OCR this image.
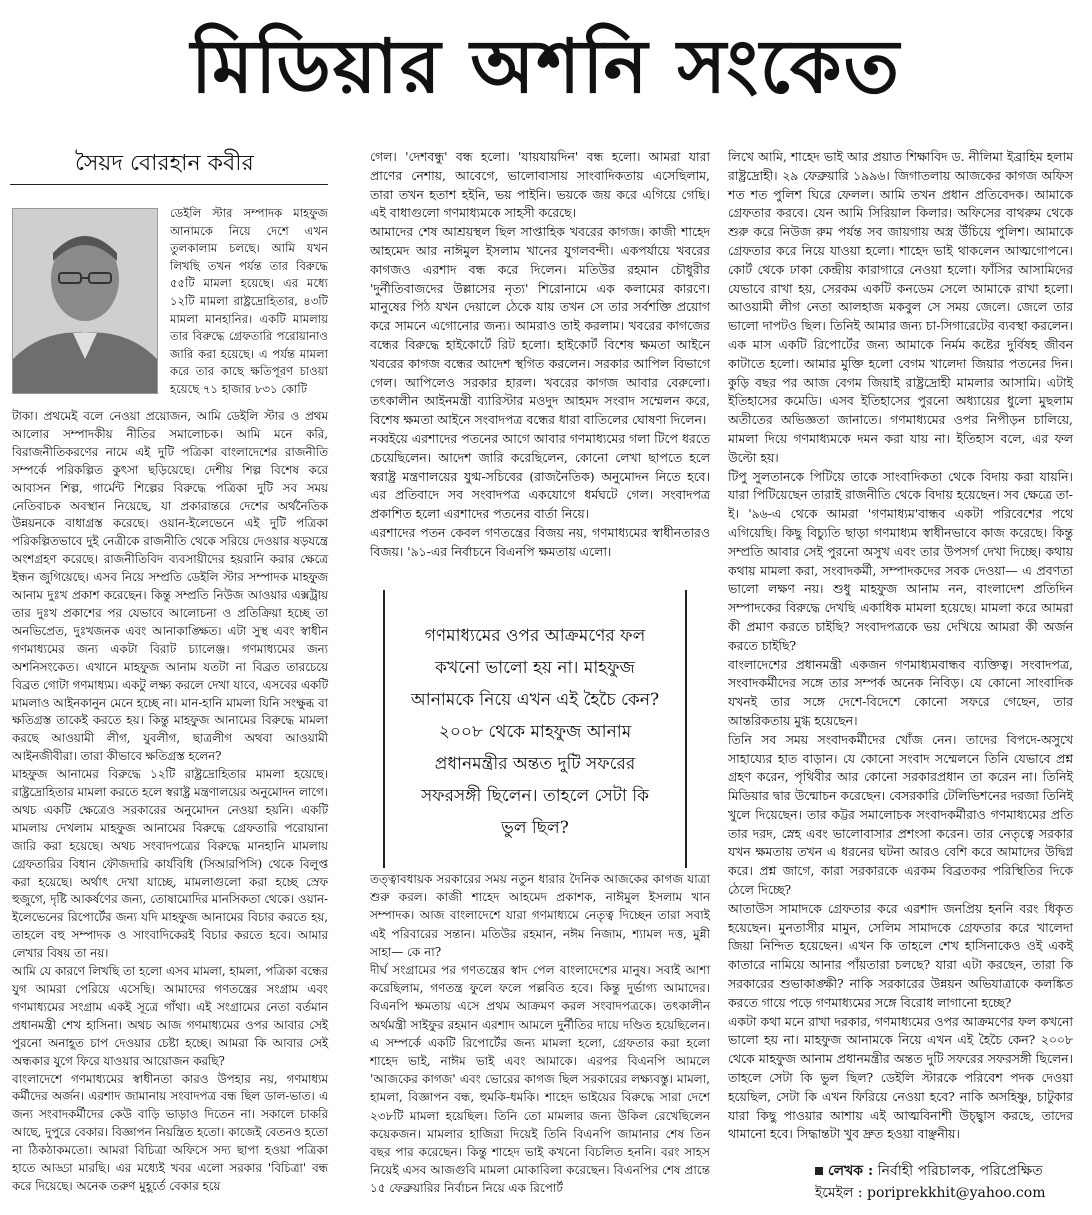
মিডিয়ার অশনি সংকেত
সৈয়দ বোরহান কবীর

ডেইলি স্টার সম্পাদক মাহফুজ আনামকে নিয়ে দেশে এখন তুলকালাম চলছে। আমি যখন লিখছি তখন পর্যন্ত তার বিরুদ্ধে ৫৫টি মামলা হয়েছে। এর মধ্যে ১২টি মামলা রাষ্ট্রদ্রোহিতার, ৪৩টি মামলা মানহানির। একটি মামলায় তার বিরুদ্ধে গ্রেফতারি পরোয়ানাও জারি করা হয়েছে। এ পর্যন্ত মামলা করে তার কাছে ক্ষতিপূরণ চাওয়া হয়েছে ৭১ হাজার ৮৩১ কোটি

টাকা। প্রথমেই বলে নেওয়া প্রয়োজন, আমি ডেইলি স্টার ও প্রথম আলোর সম্পাদকীয় নীতির সমালোচক। আমি মনে করি, বিরাজনীতিকরণের নামে এই দুটি পত্রিকা বাংলাদেশের রাজনীতি সম্পর্কে পরিকল্পিত কুৎসা ছড়িয়েছে। দেশীয় শিল্প বিশেষ করে আবাসন শিল্প, গার্মেন্ট শিল্পের বিরুদ্ধে পত্রিকা দুটি সব সময় নেতিবাচক অবস্থান নিয়েছে, যা প্রকারান্তরে দেশের অর্থনৈতিক উন্নয়নকে বাধাগ্রস্ত করেছে। ওয়ান-ইলেভেনে এই দুটি পত্রিকা পরিকল্পিতভাবে দুই নেত্রীকে রাজনীতি থেকে সরিয়ে দেওয়ার ষড়যন্ত্রে অংশগ্রহণ করেছে। রাজনীতিবিদ ব্যবসায়ীদের হয়রানি করার ক্ষেত্রে ইন্ধন জুগিয়েছে। এসব নিয়ে সম্প্রতি ডেইলি স্টার সম্পাদক মাহফুজ আনাম দুঃখ প্রকাশ করেছেন। কিন্তু সম্প্রতি নিউজ আওয়ার এক্সট্রায় তার দুঃখ প্রকাশের পর যেভাবে আলোচনা ও প্রতিক্রিয়া হচ্ছে তা অনভিপ্রেত, দুঃখজনক এবং আনাকাঙ্ক্ষিত। এটা সুস্থ এবং স্বাধীন গণমাধ্যমের জন্য একটা বিরাট চ্যালেঞ্জ। গণমাধ্যমের জন্য অশনিসংকেত। এখানে মাহফুজ আনাম যতটা না বিব্রত তারচেয়ে বিব্রত গোটা গণমাধ্যম। একটু লক্ষ্য করলে দেখা যাবে, এসবের একটি মামলাও আইনকানুন মেনে হচ্ছে না। মান-হানি মামলা যিনি সংক্ষুব্ধ বা ক্ষতিগ্রস্ত তাকেই করতে হয়। কিন্তু মাহফুজ আনামের বিরুদ্ধে মামলা করছে আওয়ামী লীগ, যুবলীগ, ছাত্রলীগ অথবা আওয়ামী আইনজীবীরা। তারা কীভাবে ক্ষতিগ্রস্ত হলেন?

মাহফুজ আনামের বিরুদ্ধে ১২টি রাষ্ট্রদ্রোহিতার মামলা হয়েছে। রাষ্ট্রদ্রোহিতার মামলা করতে হলে স্বরাষ্ট্র মন্ত্রণালয়ের অনুমোদন লাগে। অথচ একটি ক্ষেত্রেও সরকারের অনুমোদন নেওয়া হয়নি। একটি মামলায় দেখলাম মাহফুজ আনামের বিরুদ্ধে গ্রেফতারি পরোয়ানা জারি করা হয়েছে। অথচ সংবাদপত্রের বিরুদ্ধে মানহানি মামলায় গ্রেফতারির বিধান ফৌজদারি কার্যবিধি (সিআরপিসি) থেকে বিলুপ্ত করা হয়েছে। অর্থাৎ দেখা যাচ্ছে, মামলাগুলো করা হচ্ছে স্রেফ হুজুগে, দৃষ্টি আকর্ষণের জন্য, তোষামোদির মানসিকতা থেকে। ওয়ান-ইলেভেনের রিপোর্টের জন্য যদি মাহফুজ আনামের বিচার করতে হয়, তাহলে বহু সম্পাদক ও সাংবাদিকেরই বিচার করতে হবে। আমার লেখার বিষয় তা নয়।

আমি যে কারণে লিখছি তা হলো এসব মামলা, হামলা, পত্রিকা বন্ধের যুগ আমরা পেরিয়ে এসেছি। আমাদের গণতন্ত্রের সংগ্রাম এবং গণমাধ্যমের সংগ্রাম একই সূত্রে গাঁথা। এই সংগ্রামের নেতা বর্তমান প্রধানমন্ত্রী শেখ হাসিনা। অথচ আজ গণমাধ্যমের ওপর আবার সেই পুরনো অনাহূত চাপ দেওয়ার চেষ্টা হচ্ছে। আমরা কি আবার সেই অন্ধকার যুগে ফিরে যাওয়ার আয়োজন করছি?

বাংলাদেশে গণমাধ্যমের স্বাধীনতা কারও উপহার নয়, গণমাধ্যম কর্মীদের অর্জন। এরশাদ জামানায় সংবাদপত্র বন্ধ ছিল ডাল-ভাত। এ জন্য সংবাদকর্মীদের কেউ বাড়ি ভাড়াও দিতেন না। সকালে চাকরি আছে, দুপুরে বেকার। বিজ্ঞাপন নিয়ন্ত্রিত হতো। কাজেই বেতনও হতো না ঠিকঠাকমতো। আমরা বিচিত্রা অফিসে সদ্য ছাপা হওয়া পত্রিকা হাতে আড্ডা মারছি। এর মধ্যেই খবর এলো সরকার 'বিচিত্রা' বন্ধ করে দিয়েছে। অনেক তরুণ মুহূর্তে বেকার হয়ে

গেল। 'দেশবন্ধু' বন্ধ হলো। 'যায়যায়দিন' বন্ধ হলো। আমরা যারা প্রাণের নেশায়, আবেগে, ভালোবাসায় সাংবাদিকতায় এসেছিলাম, তারা তখন হতাশ হইনি, ভয় পাইনি। ভয়কে জয় করে এগিয়ে গেছি। এই বাধাগুলো গণমাধ্যমকে সাহসী করেছে।

আমাদের শেষ আশ্রয়স্থল ছিল সাপ্তাহিক খবরের কাগজ। কাজী শাহেদ আহমেদ আর নাঈমুল ইসলাম খানের যুগলবন্দী। একপর্যায়ে খবরের কাগজও এরশাদ বন্ধ করে দিলেন। মতিউর রহমান চৌধুরীর 'দুর্নীতিবাজদের উল্লাসের নৃত্য' শিরোনামে এক কলামের কারণে। মানুষের পিঠ যখন দেয়ালে ঠেকে যায় তখন সে তার সর্বশক্তি প্রয়োগ করে সামনে এগোনোর জন্য। আমরাও তাই করলাম। খবরের কাগজের বন্ধের বিরুদ্ধে হাইকোর্টে রিট হলো। হাইকোর্ট বিশেষ ক্ষমতা আইনে খবরের কাগজ বন্ধের আদেশ স্থগিত করলেন। সরকার আপিল বিভাগে গেল। আপিলেও সরকার হারল। খবরের কাগজ আবার বেরুলো। তৎকালীন আইনমন্ত্রী ব্যারিস্টার মওদুদ আহমদ সংবাদ সম্মেলন করে, বিশেষ ক্ষমতা আইনে সংবাদপত্র বন্ধের ধারা বাতিলের ঘোষণা দিলেন।

নব্বইয়ে এরশাদের পতনের আগে আবার গণমাধ্যমের গলা টিপে ধরতে চেয়েছিলেন। আদেশ জারি করেছিলেন, কোনো লেখা ছাপতে হলে স্বরাষ্ট্র মন্ত্রণালয়ের যুগ্ম-সচিবের (রাজনৈতিক) অনুমোদন নিতে হবে। এর প্রতিবাদে সব সংবাদপত্র একযোগে ধর্মঘটে গেল। সংবাদপত্র প্রকাশিত হলো এরশাদের পতনের বার্তা নিয়ে।

এরশাদের পতন কেবল গণতন্ত্রের বিজয় নয়, গণমাধ্যমের স্বাধীনতারও বিজয়। '৯১-এর নির্বাচনে বিএনপি ক্ষমতায় এলো।

গণমাধ্যমের ওপর আক্রমণের ফল কখনো ভালো হয় না। মাহফুজ আনামকে নিয়ে এখন এই হৈচৈ কেন? ২০০৮ থেকে মাহফুজ আনাম প্রধানমন্ত্রীর অন্তত দুটি সফরের সফরসঙ্গী ছিলেন। তাহলে সেটা কি ভুল ছিল?

তত্ত্বাবধায়ক সরকারের সময় নতুন ধারার দৈনিক আজকের কাগজ যাত্রা শুরু করল। কাজী শাহেদ আহমেদ প্রকাশক, নাঈমুল ইসলাম খান সম্পাদক। আজ বাংলাদেশে যারা গণমাধ্যমে নেতৃত্ব দিচ্ছেন তারা সবাই এই পরিবারের সন্তান। মতিউর রহমান, নঈম নিজাম, শ্যামল দত্ত, মুন্নী সাহা— কে না?

দীর্ঘ সংগ্রামের পর গণতন্ত্রের স্বাদ পেল বাংলাদেশের মানুষ। সবাই আশা করেছিলাম, গণতন্ত্র ফুলে ফলে পল্লবিত হবে। কিন্তু দুর্ভাগ্য আমাদের। বিএনপি ক্ষমতায় এসে প্রথম আক্রমণ করল সংবাদপত্রকে। তৎকালীন অর্থমন্ত্রী সাইফুর রহমান এরশাদ আমলে দুর্নীতির দায়ে দণ্ডিত হয়েছিলেন। এ সম্পর্কে একটি রিপোর্টের জন্য মামলা হলো, গ্রেফতার করা হলো শাহেদ ভাই, নাঈম ভাই এবং আমাকে। এরপর বিএনপি আমলে 'আজকের কাগজ' এবং ভোরের কাগজ ছিল সরকারের লক্ষ্যবস্তু। মামলা, হামলা, বিজ্ঞাপন বন্ধ, হুমকি-ধমকি। শাহেদ ভাইয়ের বিরুদ্ধে সারা দেশে ২৩৮টি মামলা হয়েছিল। তিনি তো মামলার জন্য উকিল রেখেছিলেন কয়েকজন। মামলার হাজিরা দিয়েই তিনি বিএনপি জামানার শেষ তিন বছর পার করেছেন। কিন্তু শাহেদ ভাই কখনো বিচলিত হননি। বরং সাহস নিয়েই এসব আজগুবি মামলা মোকাবিলা করেছেন। বিএনপির শেষ প্রান্তে ১৫ ফেব্রুয়ারির নির্বাচন নিয়ে এক রিপোর্ট

লিখে আমি, শাহেদ ভাই আর প্রয়াত শিক্ষাবিদ ড. নীলিমা ইব্রাহিম হলাম রাষ্ট্রদ্রোহী। ২৯ ফেব্রুয়ারি ১৯৯৬। জিগাতলায় আজকের কাগজ অফিস শত শত পুলিশ ঘিরে ফেলল। আমি তখন প্রধান প্রতিবেদক। আমাকে গ্রেফতার করবে। যেন আমি সিরিয়াল কিলার। অফিসের বাথরুম থেকে শুরু করে নিউজ রুম পর্যন্ত সব জায়গায় অস্ত্র উঁচিয়ে পুলিশ। আমাকে গ্রেফতার করে নিয়ে যাওয়া হলো। শাহেদ ভাই থাকলেন আত্মগোপনে। কোর্ট থেকে ঢাকা কেন্দ্রীয় কারাগারে নেওয়া হলো। ফাঁসির আসামিদের যেভাবে রাখা হয়, সেরকম একটি কনডেম সেলে আমাকে রাখা হলো। আওয়ামী লীগ নেতা আলহাজ মকবুল সে সময় জেলে। জেলে তার ভালো দাপটও ছিল। তিনিই আমার জন্য চা-সিগারেটের ব্যবস্থা করলেন। এক মাস একটি রিপোর্টের জন্য আমাকে নির্মম কষ্টের দুর্বিষহ জীবন কাটাতে হলো। আমার মুক্তি হলো বেগম খালেদা জিয়ার পতনের দিন। কুড়ি বছর পর আজ বেগম জিয়াই রাষ্ট্রদ্রোহী মামলার আসামি। এটাই ইতিহাসের কমেডি। এসব ইতিহাসের পুরনো অধ্যায়ের ধুলো মুছলাম অতীতের অভিজ্ঞতা জানাতে। গণমাধ্যমের ওপর নিপীড়ন চালিয়ে, মামলা দিয়ে গণমাধ্যমকে দমন করা যায় না। ইতিহাস বলে, এর ফল উল্টো হয়।

টিপু সুলতানকে পিটিয়ে তাকে সাংবাদিকতা থেকে বিদায় করা যায়নি। যারা পিটিয়েছেন তারাই রাজনীতি থেকে বিদায় হয়েছেন। সব ক্ষেত্রে তা-ই। '৯৬-এ থেকে আমরা 'গণমাধ্যম'বান্ধব একটা পরিবেশের পথে এগিয়েছি। কিছু বিচ্যুতি ছাড়া গণমাধ্যম স্বাধীনভাবে কাজ করেছে। কিন্তু সম্প্রতি আবার সেই পুরনো অসুখ এবং তার উপসর্গ দেখা দিচ্ছে। কথায় কথায় মামলা করা, সংবাদকর্মী, সম্পাদকদের সবক দেওয়া— এ প্রবণতা ভালো লক্ষণ নয়। শুধু মাহফুজ আনাম নন, বাংলাদেশ প্রতিদিন সম্পাদকের বিরুদ্ধে দেখছি একাধিক মামলা হয়েছে। মামলা করে আমরা কী প্রমাণ করতে চাইছি? সংবাদপত্রকে ভয় দেখিয়ে আমরা কী অর্জন করতে চাইছি?

বাংলাদেশের প্রধানমন্ত্রী একজন গণমাধ্যমবান্ধব ব্যক্তিত্ব। সংবাদপত্র, সংবাদকর্মীদের সঙ্গে তার সম্পর্ক অনেক নিবিড়। যে কোনো সাংবাদিক যখনই তার সঙ্গে দেশে-বিদেশে কোনো সফরে গেছেন, তার আন্তরিকতায় মুগ্ধ হয়েছেন।

তিনি সব সময় সংবাদকর্মীদের খোঁজ নেন। তাদের বিপদে-অসুখে সাহায্যের হাত বাড়ান। যে কোনো সংবাদ সম্মেলনে তিনি যেভাবে প্রশ্ন গ্রহণ করেন, পৃথিবীর আর কোনো সরকারপ্রধান তা করেন না। তিনিই মিডিয়ার দ্বার উন্মোচন করেছেন। বেসরকারি টেলিভিশনের দরজা তিনিই খুলে দিয়েছেন। তার কট্টর সমালোচক সংবাদকর্মীরাও গণমাধ্যমের প্রতি তার দরদ, স্নেহ এবং ভালোবাসার প্রশংসা করেন। তার নেতৃত্বে সরকার যখন ক্ষমতায় তখন এ ধরনের ঘটনা আরও বেশি করে আমাদের উদ্বিগ্ন করে। প্রশ্ন জাগে, কারা সরকারকে এরকম বিব্রতকর পরিস্থিতির দিকে ঠেলে দিচ্ছে?

আতাউস সামাদকে গ্রেফতার করে এরশাদ জনপ্রিয় হননি বরং ধিকৃত হয়েছেন। মুনতাসীর মামুন, সেলিম সামাদকে গ্রেফতার করে খালেদা জিয়া নিন্দিত হয়েছেন। এখন কি তাহলে শেখ হাসিনাকেও ওই একই কাতারে নামিয়ে আনার পাঁয়তারা চলছে? যারা এটা করছেন, তারা কি সরকারের শুভাকাঙ্ক্ষী? নাকি সরকারের উন্নয়ন অভিযাত্রাকে কলঙ্কিত করতে গায়ে পড়ে গণমাধ্যমের সঙ্গে বিরোধ লাগানো হচ্ছে?

একটা কথা মনে রাখা দরকার, গণমাধ্যমের ওপর আক্রমণের ফল কখনো ভালো হয় না। মাহফুজ আনামকে নিয়ে এখন এই হৈচৈ কেন? ২০০৮ থেকে মাহফুজ আনাম প্রধানমন্ত্রীর অন্তত দুটি সফরের সফরসঙ্গী ছিলেন। তাহলে সেটা কি ভুল ছিল? ডেইলি স্টারকে পরিবেশ পদক দেওয়া হয়েছিল, সেটা কি এখন ফিরিয়ে নেওয়া হবে? নাকি অসহিষ্ণু, চাটুকার যারা কিছু পাওয়ার আশায় এই আত্মবিনাশী উচ্ছ্বাস করছে, তাদের থামানো হবে। সিদ্ধান্তটা খুব দ্রুত হওয়া বাঞ্ছনীয়।

লেখক : নির্বাহী পরিচালক, পরিপ্রেক্ষিত
ইমেইল : poriprekkhit@yahoo.com
